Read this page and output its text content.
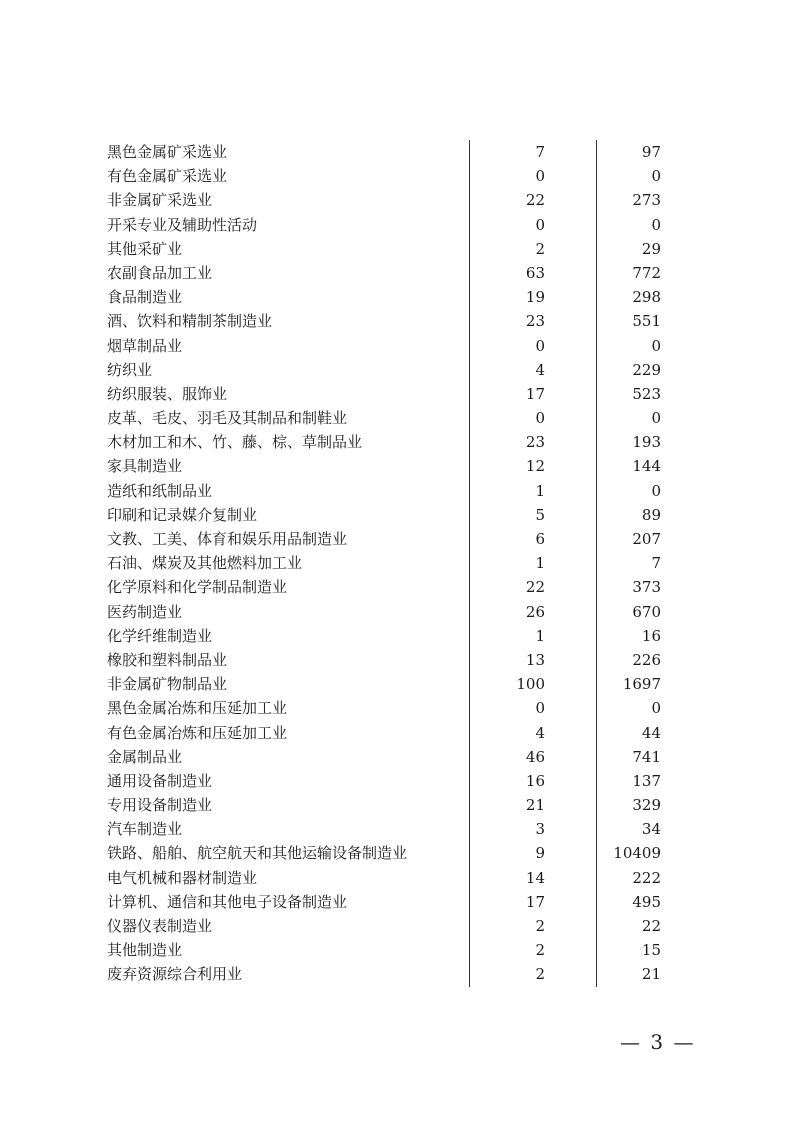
黑色金属矿采选业	7	97
有色金属矿采选业	0	0
非金属矿采选业	22	273
开采专业及辅助性活动	0	0
其他采矿业	2	29
农副食品加工业	63	772
食品制造业	19	298
酒、饮料和精制茶制造业	23	551
烟草制品业	0	0
纺织业	4	229
纺织服装、服饰业	17	523
皮革、毛皮、羽毛及其制品和制鞋业	0	0
木材加工和木、竹、藤、棕、草制品业	23	193
家具制造业	12	144
造纸和纸制品业	1	0
印刷和记录媒介复制业	5	89
文教、工美、体育和娱乐用品制造业	6	207
石油、煤炭及其他燃料加工业	1	7
化学原料和化学制品制造业	22	373
医药制造业	26	670
化学纤维制造业	1	16
橡胶和塑料制品业	13	226
非金属矿物制品业	100	1697
黑色金属冶炼和压延加工业	0	0
有色金属冶炼和压延加工业	4	44
金属制品业	46	741
通用设备制造业	16	137
专用设备制造业	21	329
汽车制造业	3	34
铁路、船舶、航空航天和其他运输设备制造业	9	10409
电气机械和器材制造业	14	222
计算机、通信和其他电子设备制造业	17	495
仪器仪表制造业	2	22
其他制造业	2	15
废弃资源综合利用业	2	21
— 3 —
